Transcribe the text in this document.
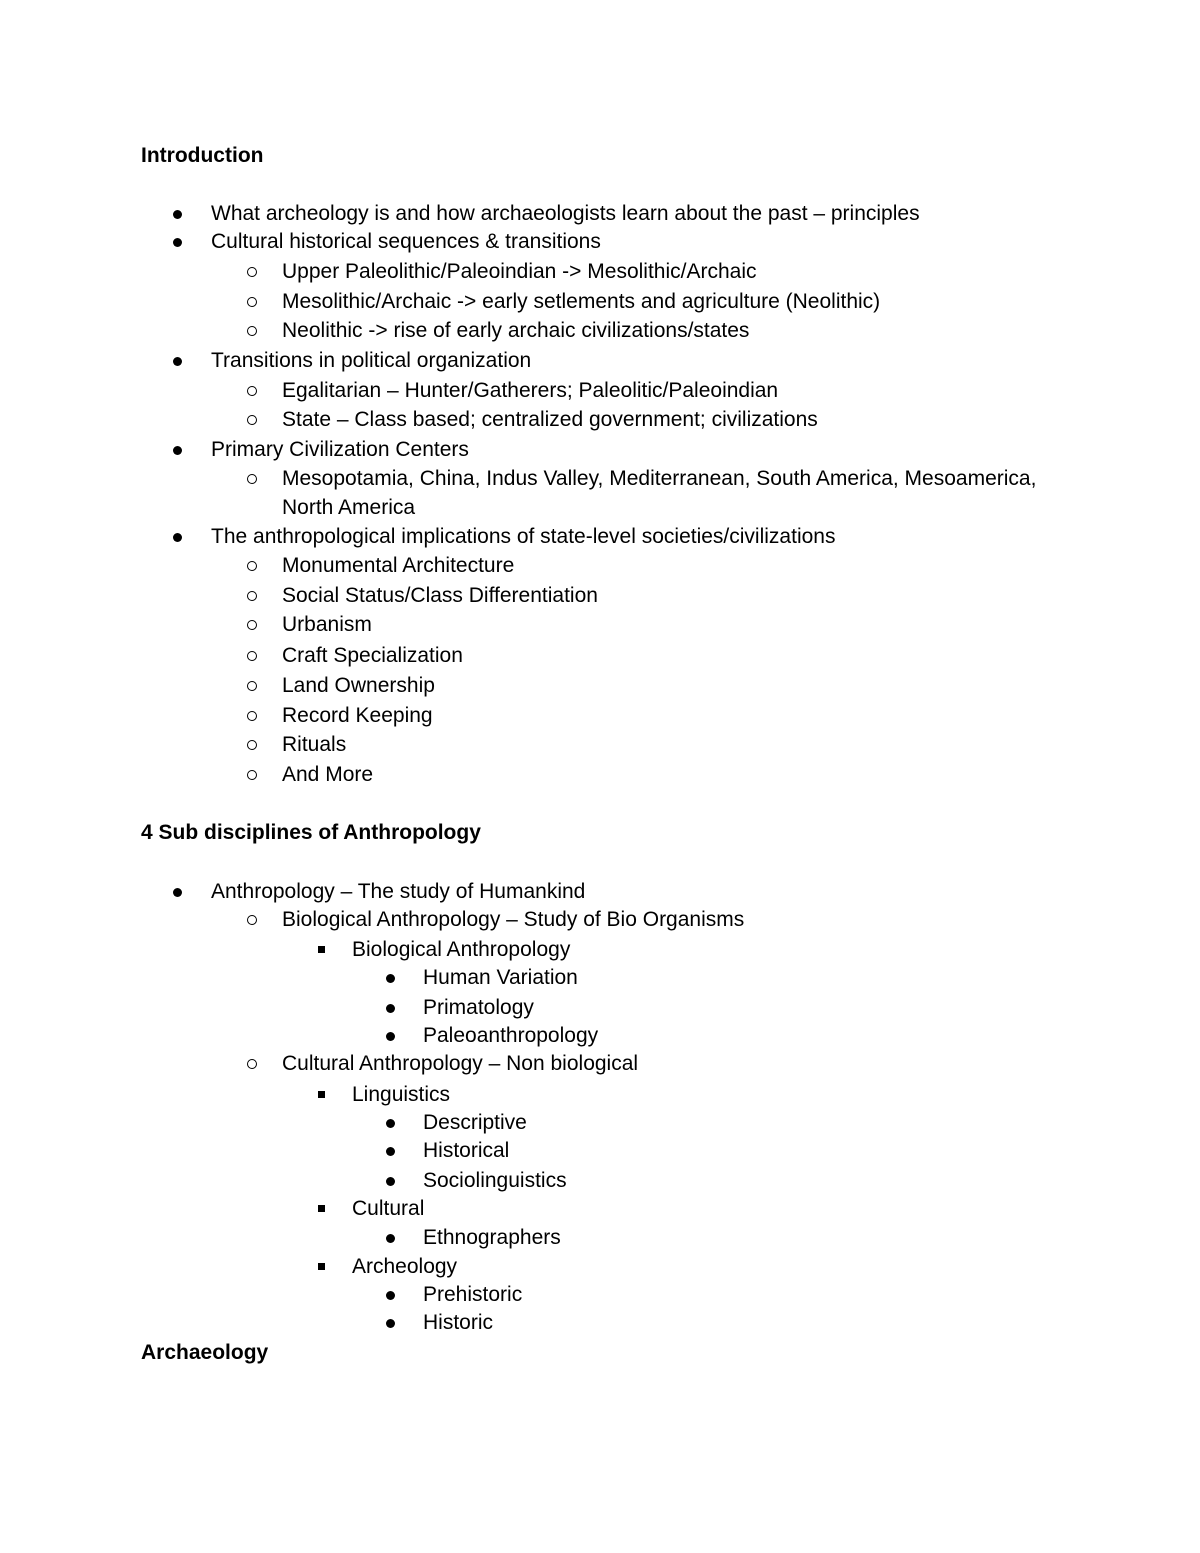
Introduction
What archeology is and how archaeologists learn about the past – principles
Cultural historical sequences & transitions
Upper Paleolithic/Paleoindian -> Mesolithic/Archaic
Mesolithic/Archaic -> early setlements and agriculture (Neolithic)
Neolithic -> rise of early archaic civilizations/states
Transitions in political organization
Egalitarian – Hunter/Gatherers; Paleolitic/Paleoindian
State – Class based; centralized government; civilizations
Primary Civilization Centers
Mesopotamia, China, Indus Valley, Mediterranean, South America, Mesoamerica,
North America
The anthropological implications of state-level societies/civilizations
Monumental Architecture
Social Status/Class Differentiation
Urbanism
Craft Specialization
Land Ownership
Record Keeping
Rituals
And More
4 Sub disciplines of Anthropology
Anthropology – The study of Humankind
Biological Anthropology – Study of Bio Organisms
Biological Anthropology
Human Variation
Primatology
Paleoanthropology
Cultural Anthropology – Non biological
Linguistics
Descriptive
Historical
Sociolinguistics
Cultural
Ethnographers
Archeology
Prehistoric
Historic
Archaeology
